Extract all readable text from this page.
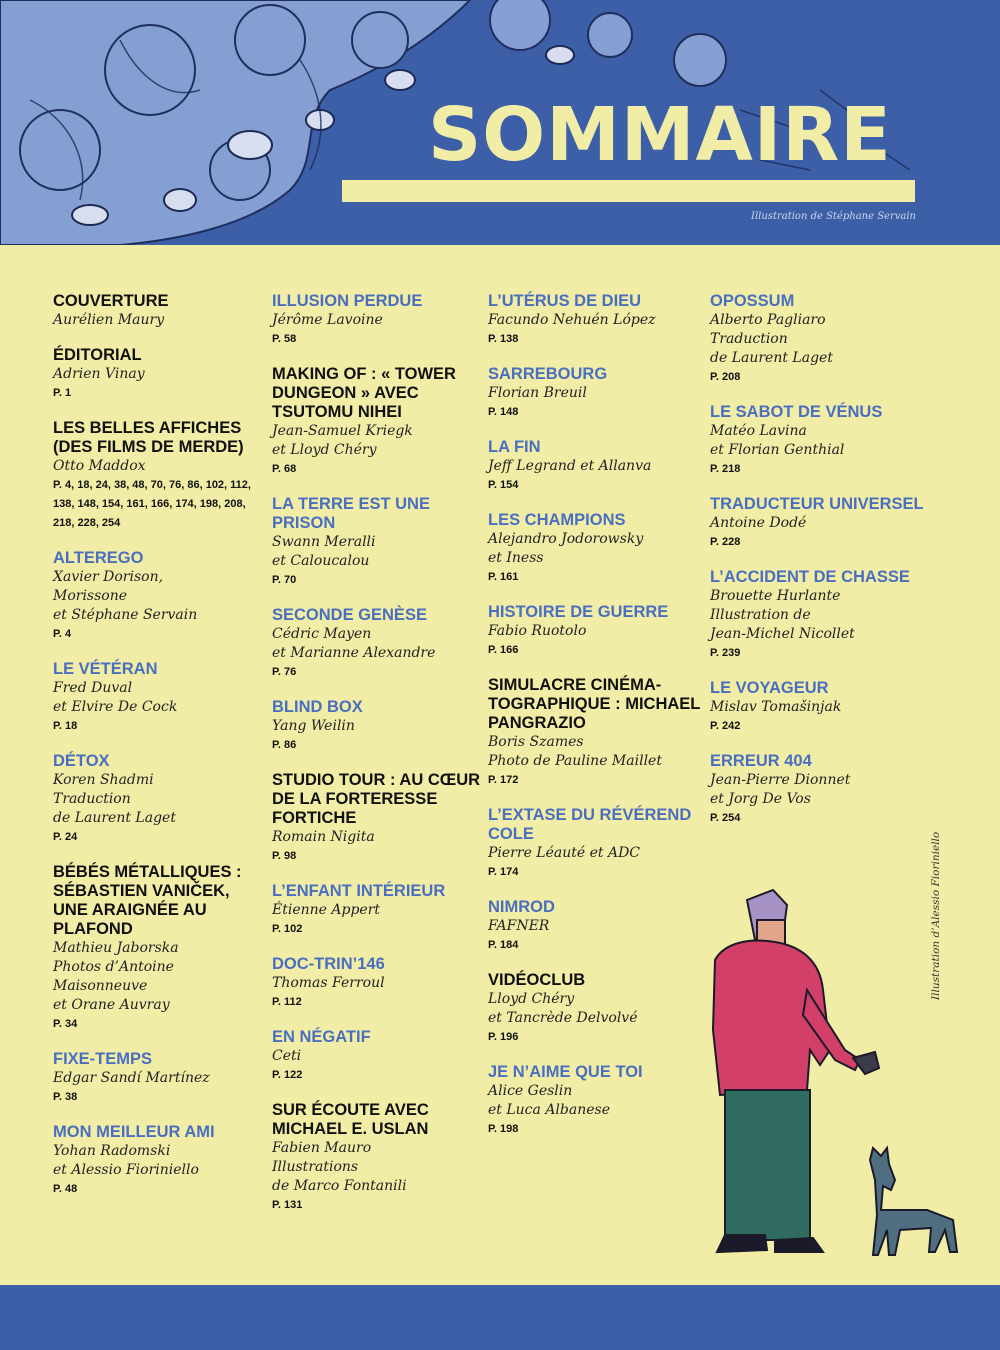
SOMMAIRE
Illustration de Stéphane Servain
COUVERTURE
Aurélien Maury
ÉDITORIAL
Adrien Vinay
P. 1
LES BELLES AFFICHES (DES FILMS DE MERDE)
Otto Maddox
P. 4, 18, 24, 38, 48, 70, 76, 86, 102, 112, 138, 148, 154, 161, 166, 174, 198, 208, 218, 228, 254
ALTEREGO
Xavier Dorison,
Morissone
et Stéphane Servain
P. 4
LE VÉTÉRAN
Fred Duval
et Elvire De Cock
P. 18
DÉTOX
Koren Shadmi
Traduction
de Laurent Laget
P. 24
BÉBÉS MÉTALLIQUES : SÉBASTIEN VANIČEK, UNE ARAIGNÉE AU PLAFOND
Mathieu Jaborska
Photos d’Antoine
Maisonneuve
et Orane Auvray
P. 34
FIXE-TEMPS
Edgar Sandí Martínez
P. 38
MON MEILLEUR AMI
Yohan Radomski
et Alessio Fioriniello
P. 48
ILLUSION PERDUE
Jérôme Lavoine
P. 58
MAKING OF : « TOWER DUNGEON » AVEC TSUTOMU NIHEI
Jean-Samuel Kriegk
et Lloyd Chéry
P. 68
LA TERRE EST UNE PRISON
Swann Meralli
et Caloucalou
P. 70
SECONDE GENÈSE
Cédric Mayen
et Marianne Alexandre
P. 76
BLIND BOX
Yang Weilin
P. 86
STUDIO TOUR : AU CŒUR DE LA FORTERESSE FORTICHE
Romain Nigita
P. 98
L’ENFANT INTÉRIEUR
Étienne Appert
P. 102
DOC-TRIN’146
Thomas Ferroul
P. 112
EN NÉGATIF
Ceti
P. 122
SUR ÉCOUTE AVEC MICHAEL E. USLAN
Fabien Mauro
Illustrations
de Marco Fontanili
P. 131
L’UTÉRUS DE DIEU
Facundo Nehuén López
P. 138
SARREBOURG
Florian Breuil
P. 148
LA FIN
Jeff Legrand et Allanva
P. 154
LES CHAMPIONS
Alejandro Jodorowsky
et Iness
P. 161
HISTOIRE DE GUERRE
Fabio Ruotolo
P. 166
SIMULACRE CINÉMA-TOGRAPHIQUE : MICHAEL PANGRAZIO
Boris Szames
Photo de Pauline Maillet
P. 172
L’EXTASE DU RÉVÉREND COLE
Pierre Léauté et ADC
P. 174
NIMROD
FAFNER
P. 184
VIDÉOCLUB
Lloyd Chéry
et Tancrède Delvolvé
P. 196
JE N’AIME QUE TOI
Alice Geslin
et Luca Albanese
P. 198
OPOSSUM
Alberto Pagliaro
Traduction
de Laurent Laget
P. 208
LE SABOT DE VÉNUS
Matéo Lavina
et Florian Genthial
P. 218
TRADUCTEUR UNIVERSEL
Antoine Dodé
P. 228
L’ACCIDENT DE CHASSE
Brouette Hurlante
Illustration de
Jean-Michel Nicollet
P. 239
LE VOYAGEUR
Mislav Tomašinjak
P. 242
ERREUR 404
Jean-Pierre Dionnet
et Jorg De Vos
P. 254
Illustration d’Alessio Fioriniello
